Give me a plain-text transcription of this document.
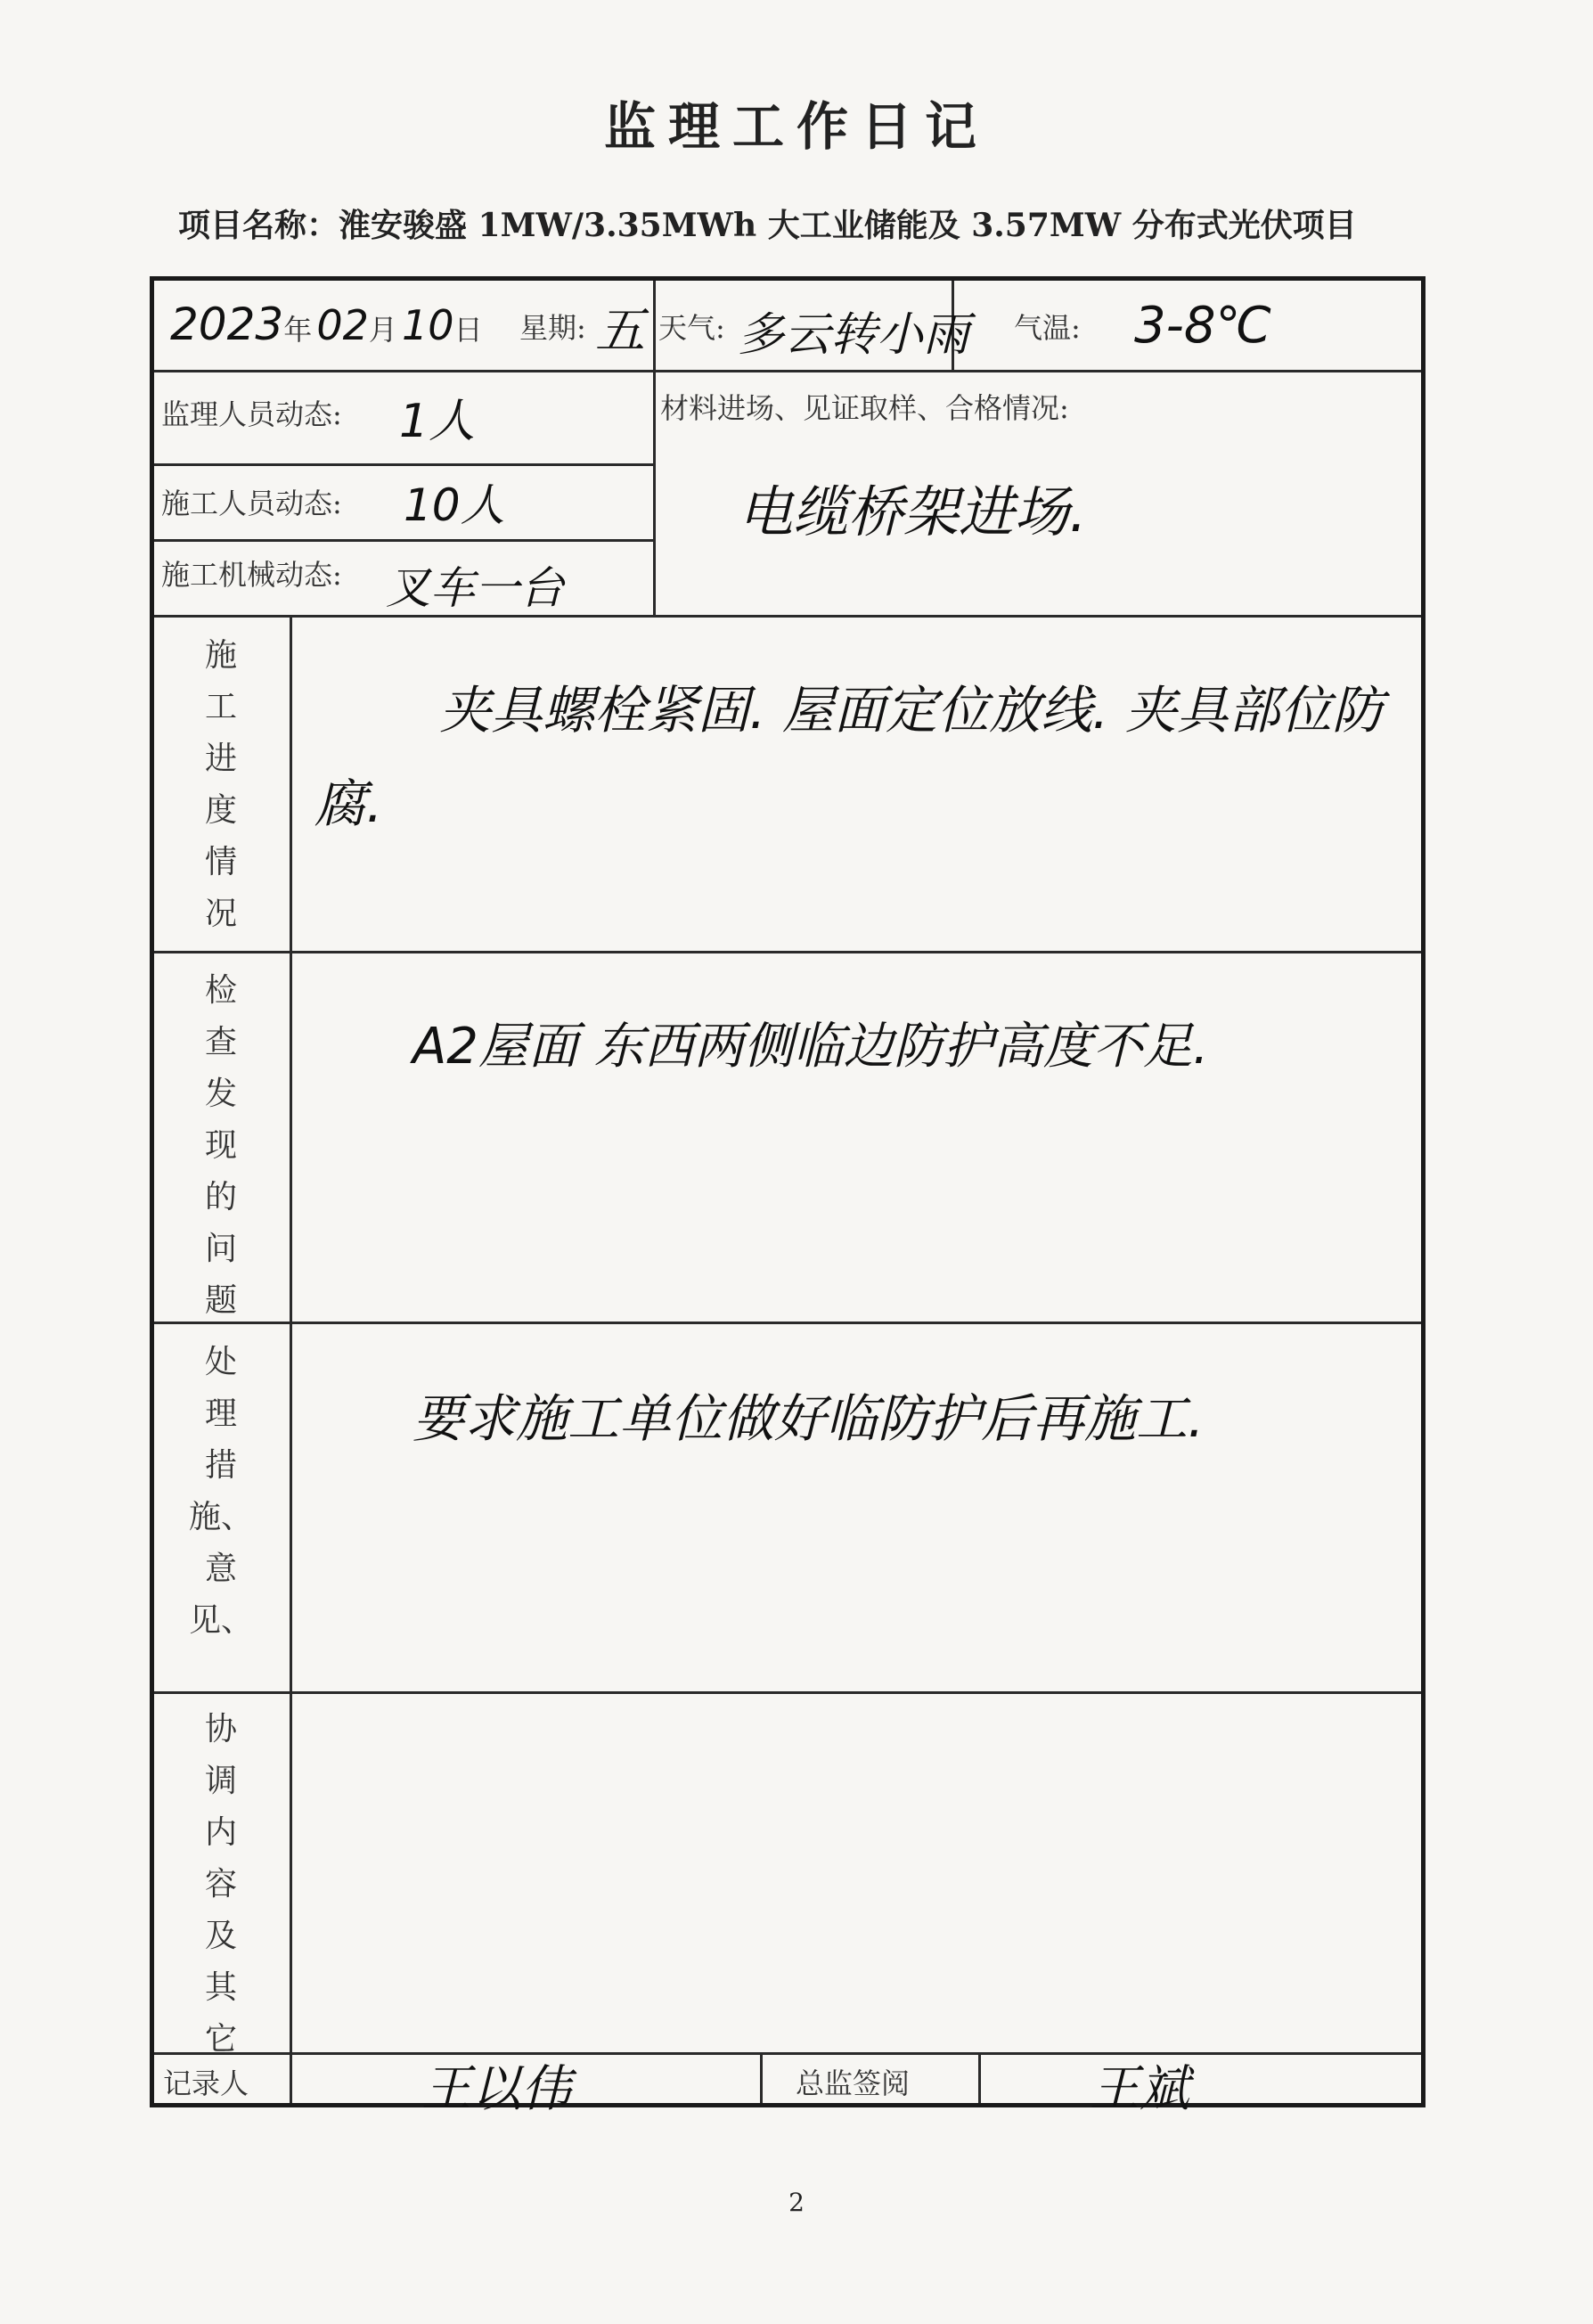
监理工作日记
项目名称：淮安骏盛 1MW/3.35MWh 大工业储能及 3.57MW 分布式光伏项目
2023年 02月 10日 星期: 五 天气: 多云转小雨 气温: 3-8℃
监理人员动态: 1人
施工人员动态: 10人
施工机械动态: 叉车一台
材料进场、见证取样、合格情况:
电缆桥架进场.
施
工
进
度
情
况
夹具螺栓紧固. 屋面定位放线. 夹具部位防
腐.
检
查
发
现
的
问
题
A2屋面 东西两侧临边防护高度不足.
处
理
措
施、
意
见、
要求施工单位做好临防护后再施工.
协
调
内
容
及
其
它
记录人	王以伟	总监签阅	王斌
2
